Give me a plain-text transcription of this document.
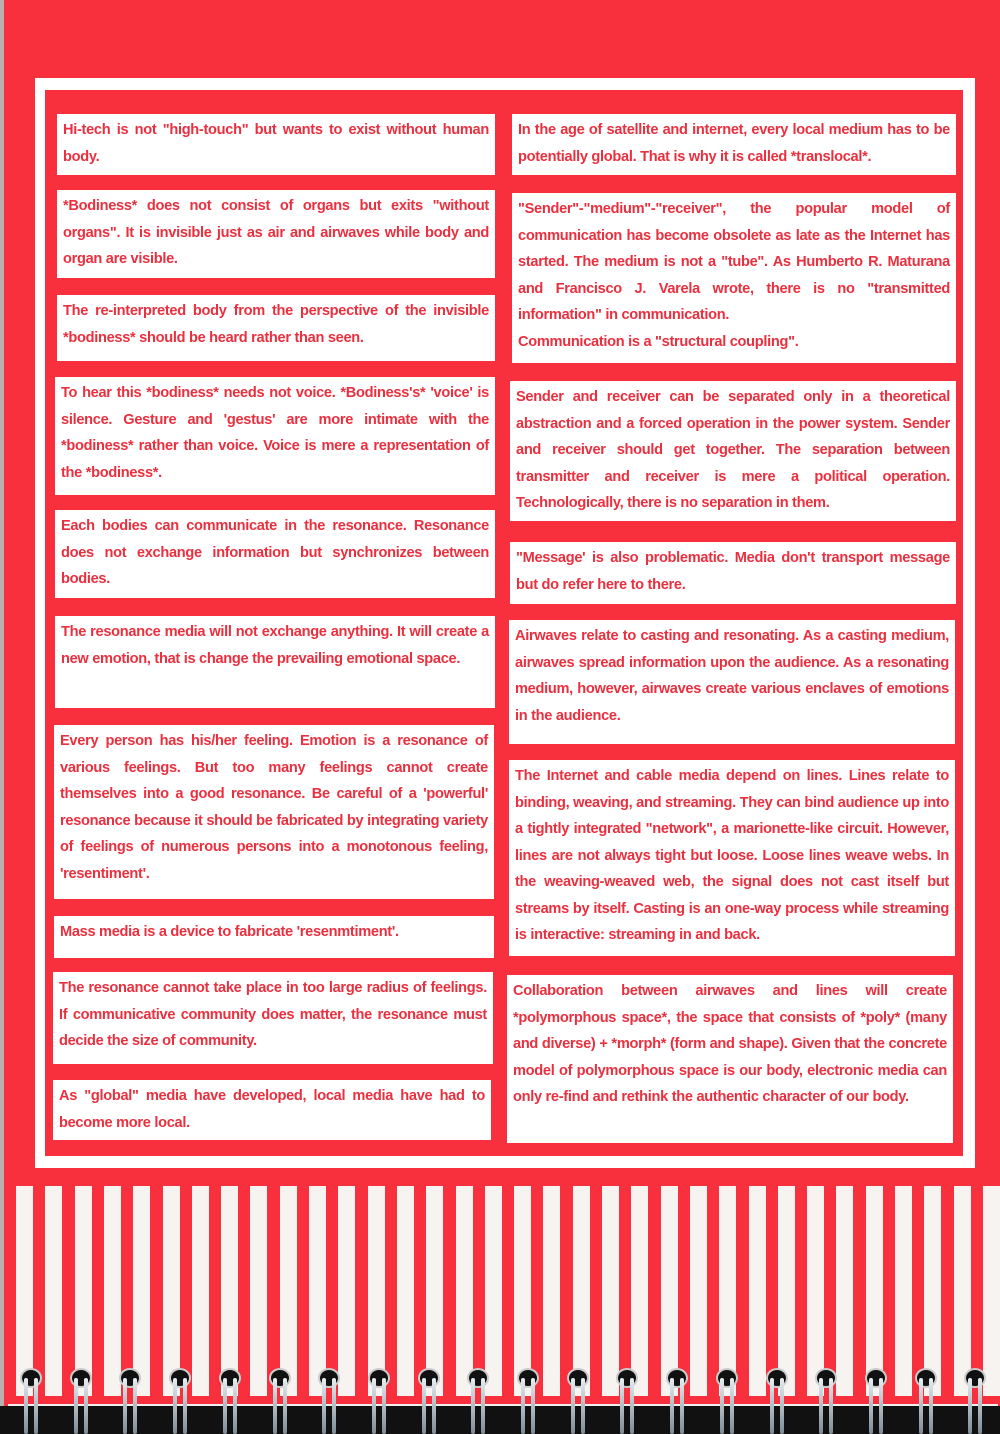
Hi-tech is not "high-touch" but wants to exist without human body.

*Bodiness* does not consist of organs but exits "without organs". It is invisible just as air and airwaves while body and organ are visible.

The re-interpreted body from the perspective of the invisible *bodiness* should be heard rather than seen.

To hear this *bodiness* needs not voice. *Bodiness's* 'voice' is silence. Gesture and 'gestus' are more intimate with the *bodiness* rather than voice. Voice is mere a representation of the *bodiness*.

Each bodies can communicate in the resonance. Resonance does not exchange information but synchronizes between bodies.

The resonance media will not exchange anything. It will create a new emotion, that is change the prevailing emotional space.

Every person has his/her feeling. Emotion is a resonance of various feelings. But too many feelings cannot create themselves into a good resonance. Be careful of a 'powerful' resonance because it should be fabricated by integrating variety of feelings of numerous persons into a monotonous feeling, 'resentiment'.

Mass media is a device to fabricate 'resenmtiment'.

The resonance cannot take place in too large radius of feelings. If communicative community does matter, the resonance must decide the size of community.

As "global" media have developed, local media have had to become more local.

In the age of satellite and internet, every local medium has to be potentially global. That is why it is called *translocal*.

"Sender"-"medium"-"receiver", the popular model of communication has become obsolete as late as the Internet has started. The medium is not a "tube". As Humberto R. Maturana and Francisco J. Varela wrote, there is no "transmitted information" in communication.

Communication is a "structural coupling".

Sender and receiver can be separated only in a theoretical abstraction and a forced operation in the power system. Sender and receiver should get together. The separation between transmitter and receiver is mere a political operation. Technologically, there is no separation in them.

"Message' is also problematic. Media don't transport message but do refer here to there.

Airwaves relate to casting and resonating. As a casting medium, airwaves spread information upon the audience. As a resonating medium, however, airwaves create various enclaves of emotions in the audience.

The Internet and cable media depend on lines. Lines relate to binding, weaving, and streaming. They can bind audience up into a tightly integrated "network", a marionette-like circuit. However, lines are not always tight but loose. Loose lines weave webs. In the weaving-weaved web, the signal does not cast itself but streams by itself. Casting is an one-way process while streaming is interactive: streaming in and back.

Collaboration between airwaves and lines will create *polymorphous space*, the space that consists of *poly* (many and diverse) + *morph* (form and shape). Given that the concrete model of polymorphous space is our body, electronic media can only re-find and rethink the authentic character of our body.
